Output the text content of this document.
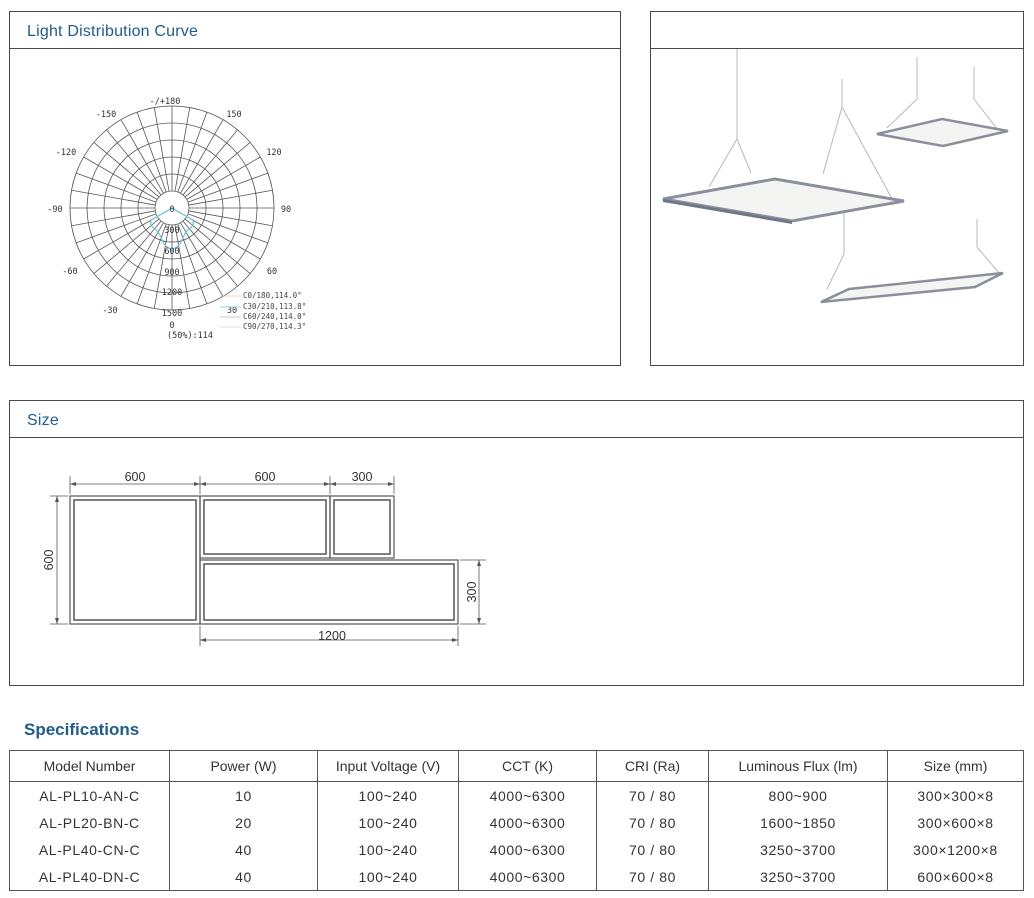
Light Distribution Curve
-/+180
-150	150
-120	120
-90	90
-60	60
-30	30
0
300
600
900
1200
1500
0
(50%):114
C0/180,114.0°
C30/210,113.8°
C60/240,114.0°
C90/270,114.3°
Size
600	600	300
600
300
1200
Specifications
Model Number	Power (W)	Input Voltage (V)	CCT (K)	CRI (Ra)	Luminous Flux (lm)	Size (mm)
AL-PL10-AN-C	10	100~240	4000~6300	70 / 80	800~900	300×300×8
AL-PL20-BN-C	20	100~240	4000~6300	70 / 80	1600~1850	300×600×8
AL-PL40-CN-C	40	100~240	4000~6300	70 / 80	3250~3700	300×1200×8
AL-PL40-DN-C	40	100~240	4000~6300	70 / 80	3250~3700	600×600×8
